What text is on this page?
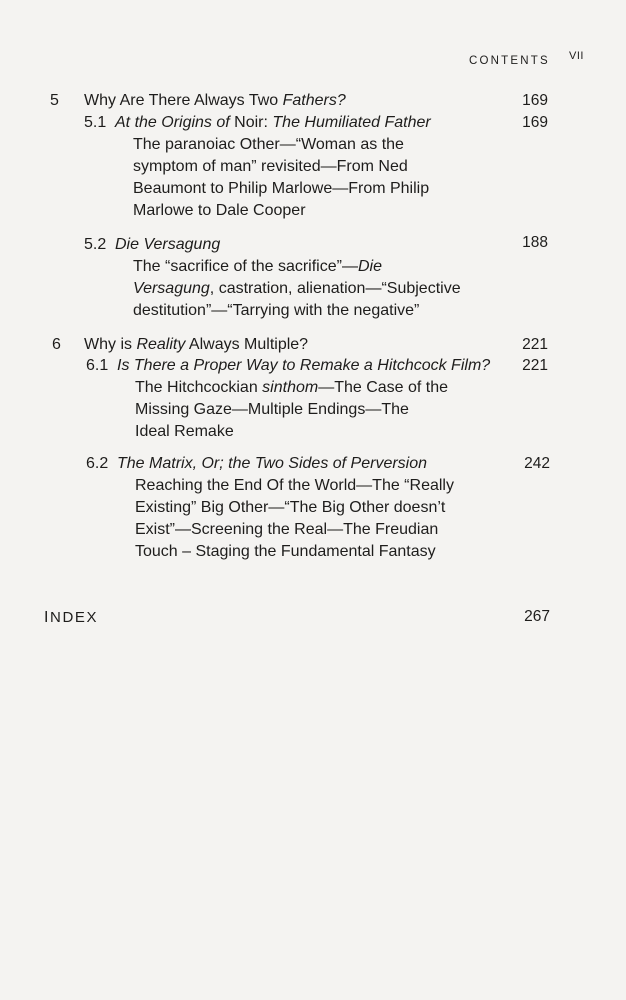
CONTENTS vii
5 Why Are There Always Two Fathers?	169
5.1 At the Origins of Noir: The Humiliated Father	169
The paranoiac Other—“Woman as the
symptom of man” revisited—From Ned
Beaumont to Philip Marlowe—From Philip
Marlowe to Dale Cooper
5.2 Die Versagung	188
The “sacrifice of the sacrifice”—Die
Versagung, castration, alienation—“Subjective
destitution”—“Tarrying with the negative”
6 Why is Reality Always Multiple?	221
6.1 Is There a Proper Way to Remake a Hitchcock Film?	221
The Hitchcockian sinthom—The Case of the
Missing Gaze—Multiple Endings—The
Ideal Remake
6.2 The Matrix, Or; the Two Sides of Perversion	242
Reaching the End Of the World—The “Really
Existing” Big Other—“The Big Other doesn’t
Exist”—Screening the Real—The Freudian
Touch – Staging the Fundamental Fantasy
INDEX	267
